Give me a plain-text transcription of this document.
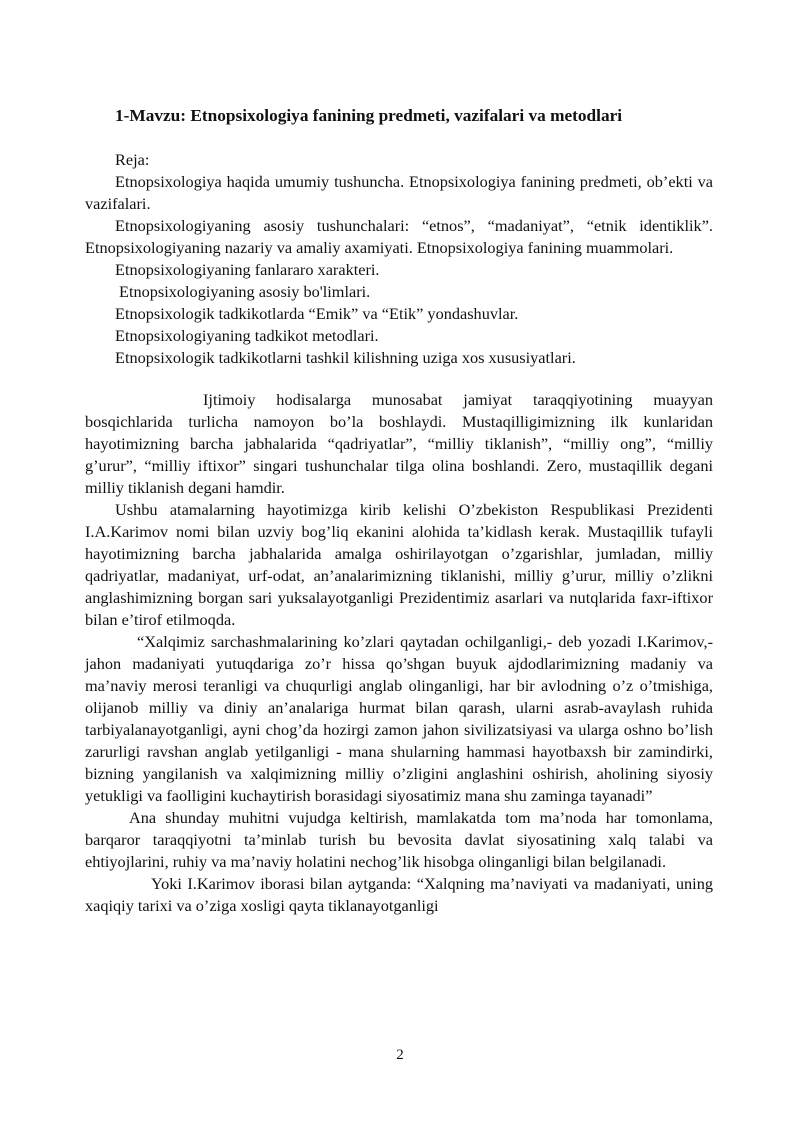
1-Mavzu: Etnopsixologiya fanining predmeti, vazifalari va metodlari

Reja:

Etnopsixologiya haqida umumiy tushuncha. Etnopsixologiya fanining predmeti, ob’ekti va vazifalari.
Etnopsixologiyaning asosiy tushunchalari: “etnos”, “madaniyat”, “etnik identiklik”. Etnopsixologiyaning nazariy va amaliy axamiyati. Etnopsixologiya fanining muammolari.
Etnopsixologiyaning fanlararo xarakteri.
Etnopsixologiyaning asosiy bo'limlari.
Etnopsixologik tadkikotlarda “Emik” va “Etik” yondashuvlar.
Etnopsixologiyaning tadkikot metodlari.
Etnopsixologik tadkikotlarni tashkil kilishning uziga xos xususiyatlari.

Ijtimoiy hodisalarga munosabat jamiyat taraqqiyotining muayyan bosqichlarida turlicha namoyon bo’la boshlaydi. Mustaqilligimizning ilk kunlaridan hayotimizning barcha jabhalarida “qadriyatlar”, “milliy tiklanish”, “milliy ong”, “milliy g’urur”, “milliy iftixor” singari tushunchalar tilga olina boshlandi. Zero, mustaqillik degani milliy tiklanish degani hamdir.

Ushbu atamalarning hayotimizga kirib kelishi O’zbekiston Respublikasi Prezidenti I.A.Karimov nomi bilan uzviy bog’liq ekanini alohida ta’kidlash kerak. Mustaqillik tufayli hayotimizning barcha jabhalarida amalga oshirilayotgan o’zgarishlar, jumladan, milliy qadriyatlar, madaniyat, urf-odat, an’analarimizning tiklanishi, milliy g’urur, milliy o’zlikni anglashimizning borgan sari yuksalayotganligi Prezidentimiz asarlari va nutqlarida faxr-iftixor bilan e’tirof etilmoqda.

“Xalqimiz sarchashmalarining ko’zlari qaytadan ochilganligi,- deb yozadi I.Karimov,- jahon madaniyati yutuqdariga zo’r hissa qo’shgan buyuk ajdodlarimizning madaniy va ma’naviy merosi teranligi va chuqurligi anglab olinganligi, har bir avlodning o’z o’tmishiga, olijanob milliy va diniy an’analariga hurmat bilan qarash, ularni asrab-avaylash ruhida tarbiyalanayotganligi, ayni chog’da hozirgi zamon jahon sivilizatsiyasi va ularga oshno bo’lish zarurligi ravshan anglab yetilganligi - mana shularning hammasi hayotbaxsh bir zamindirki, bizning yangilanish va xalqimizning milliy o’zligini anglashini oshirish, aholining siyosiy yetukligi va faolligini kuchaytirish borasidagi siyosatimiz mana shu zaminga tayanadi”

Ana shunday muhitni vujudga keltirish, mamlakatda tom ma’noda har tomonlama, barqaror taraqqiyotni ta’minlab turish bu bevosita davlat siyosatining xalq talabi va ehtiyojlarini, ruhiy va ma’naviy holatini nechog’lik hisobga olinganligi bilan belgilanadi.

Yoki I.Karimov iborasi bilan aytganda: “Xalqning ma’naviyati va madaniyati, uning xaqiqiy tarixi va o’ziga xosligi qayta tiklanayotganligi

2
